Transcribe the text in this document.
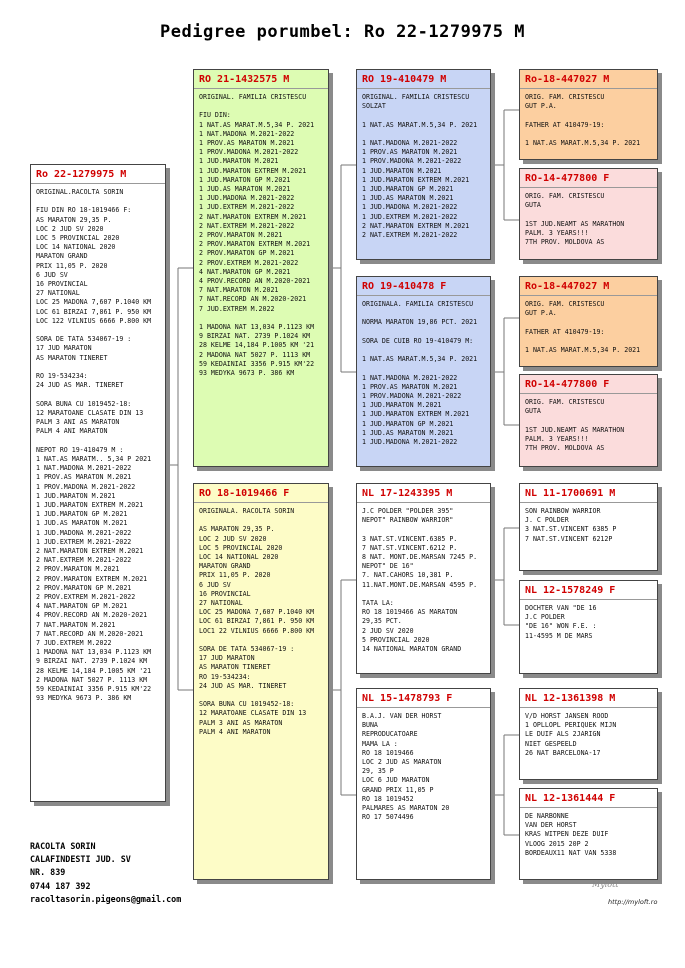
Pedigree porumbel: Ro 22-1279975 M
Ro 22-1279975 M
ORIGINAL.RACOLTA SORIN

FIU DIN RO 18-1019466 F:
AS MARATON 29,35 P.
LOC 2 JUD SV 2020
LOC 5 PROVINCIAL 2020
LOC 14 NATIONAL 2020
MARATON GRAND
PRIX 11,05 P. 2020
6 JUD SV
16 PROVINCIAL
27 NATIONAL
LOC 25 MADONA 7,607 P.1040 KM
LOC 61 BIRZAI 7,861 P. 950 KM
LOC 122 VILNIUS 6666 P.800 KM

SORA DE TATA 534067-19 :
17 JUD MARATON
AS MARATON TINERET

RO 19-534234:
24 JUD AS MAR. TINERET

SORA BUNA CU 1019452-18:
12 MARATOANE CLASATE DIN 13
PALM 3 ANI AS MARATON
PALM 4 ANI MARATON

NEPOT RO 19-410479 M :
1 NAT.AS MARATM.. 5,34 P 2021
1 NAT.MADONA M.2021-2022
1 PROV.AS MARATON M.2021
1 PROV.MADONA M.2021-2022
1 JUD.MARATON M.2021
1 JUD.MARATON EXTREM M.2021
1 JUD.MARATON GP M.2021
1 JUD.AS MARATON M.2021
1 JUD.MADONA M.2021-2022
1 JUD.EXTREM M.2021-2022
2 NAT.MARATON EXTREM M.2021
2 NAT.EXTREM M.2021-2022
2 PROV.MARATON M.2021
2 PROV.MARATON EXTREM M.2021
2 PROV.MARATON GP M.2021
2 PROV.EXTREM M.2021-2022
4 NAT.MARATON GP M.2021
4 PROV.RECORD AN M.2020-2021
7 NAT.MARATON M.2021
7 NAT.RECORD AN M.2020-2021
7 JUD.EXTREM M.2022
1 MADONA NAT 13,034 P.1123 KM
9 BIRZAI NAT. 2739 P.1024 KM
28 KELME 14,184 P.1005 KM '21
2 MADONA NAT 5027 P. 1113 KM
59 KEDAINIAI 3356 P.915 KM'22
93 MEDYKA 9673 P. 386 KM
RO 21-1432575 M
ORIGINAL. FAMILIA CRISTESCU

FIU DIN:
1 NAT.AS MARAT.M.5,34 P. 2021
1 NAT.MADONA M.2021-2022
1 PROV.AS MARATON M.2021
1 PROV.MADONA M.2021-2022
1 JUD.MARATON M.2021
1 JUD.MARATON EXTREM M.2021
1 JUD.MARATON GP M.2021
1 JUD.AS MARATON M.2021
1 JUD.MADONA M.2021-2022
1 JUD.EXTREM M.2021-2022
2 NAT.MARATON EXTREM M.2021
2 NAT.EXTREM M.2021-2022
2 PROV.MARATON M.2021
2 PROV.MARATON EXTREM M.2021
2 PROV.MARATON GP M.2021
2 PROV.EXTREM M.2021-2022
4 NAT.MARATON GP M.2021
4 PROV.RECORD AN M.2020-2021
7 NAT.MARATON M.2021
7 NAT.RECORD AN M.2020-2021
7 JUD.EXTREM M.2022

1 MADONA NAT 13,034 P.1123 KM
9 BIRZAI NAT. 2739 P.1024 KM
28 KELME 14,184 P.1005 KM '21
2 MADONA NAT 5027 P. 1113 KM
59 KEDAINIAI 3356 P.915 KM'22
93 MEDYKA 9673 P. 386 KM
RO 18-1019466 F
ORIGINALA. RACOLTA SORIN

AS MARATON 29,35 P.
LOC 2 JUD SV 2020
LOC 5 PROVINCIAL 2020
LOC 14 NATIONAL 2020
MARATON GRAND
PRIX 11,05 P. 2020
6 JUD SV
16 PROVINCIAL
27 NATIONAL
LOC 25 MADONA 7,607 P.1040 KM
LOC 61 BIRZAI 7,861 P. 950 KM
LOC1 22 VILNIUS 6666 P.800 KM

SORA DE TATA 534067-19 :
17 JUD MARATON
AS MARATON TINERET
RO 19-534234:
24 JUD AS MAR. TINERET

SORA BUNA CU 1019452-18:
12 MARATOANE CLASATE DIN 13
PALM 3 ANI AS MARATON
PALM 4 ANI MARATON
RO 19-410479 M
ORIGINAL. FAMILIA CRISTESCU
SOLZAT

1 NAT.AS MARAT.M.5,34 P. 2021

1 NAT.MADONA M.2021-2022
1 PROV.AS MARATON M.2021
1 PROV.MADONA M.2021-2022
1 JUD.MARATON M.2021
1 JUD.MARATON EXTREM M.2021
1 JUD.MARATON GP M.2021
1 JUD.AS MARATON M.2021
1 JUD.MADONA M.2021-2022
1 JUD.EXTREM M.2021-2022
2 NAT.MARATON EXTREM M.2021
2 NAT.EXTREM M.2021-2022
RO 19-410478 F
ORIGINALA. FAMILIA CRISTESCU

NORMA MARATON 19,86 PCT. 2021

SORA DE CUIB RO 19-410479 M:

1 NAT.AS MARAT.M.5,34 P. 2021

1 NAT.MADONA M.2021-2022
1 PROV.AS MARATON M.2021
1 PROV.MADONA M.2021-2022
1 JUD.MARATON M.2021
1 JUD.MARATON EXTREM M.2021
1 JUD.MARATON GP M.2021
1 JUD.AS MARATON M.2021
1 JUD.MADONA M.2021-2022
NL 17-1243395 M
J.C POLDER "POLDER 395"
NEPOT" RAINBOW WARRIOR"

3 NAT.ST.VINCENT.6385 P.
7 NAT.ST.VINCENT.6212 P.
8 NAT. MONT.DE.MARSAN 7245 P.
NEPOT" DE 16"
7. NAT.CAHORS 10,381 P.
11.NAT.MONT.DE.MARSAN 4595 P.

TATA LA:
RO 18 1019466 AS MARATON
29,35 PCT.
2 JUD SV 2020
5 PROVINCIAL 2020
14 NATIONAL MARATON GRAND
NL 15-1478793 F
B.A.J. VAN DER HORST
BUNA
REPRODUCATOARE
MAMA LA :
RO 18 1019466
LOC 2 JUD AS MARATON
29, 35 P
LOC 6 JUD MARATON
GRAND PRIX 11,05 P
RO 18 1019452
PALMARES AS MARATON 20
RO 17 5074496
Ro-18-447027 M
ORIG. FAM. CRISTESCU
GUT P.A.

FATHER AT 410479-19:

1 NAT.AS MARAT.M.5,34 P. 2021
RO-14-477800 F
ORIG. FAM. CRISTESCU
GUTA

1ST JUD.NEAMT AS MARATHON
PALM. 3 YEARS!!!
7TH PROV. MOLDOVA AS
Ro-18-447027 M
ORIG. FAM. CRISTESCU
GUT P.A.

FATHER AT 410479-19:

1 NAT.AS MARAT.M.5,34 P. 2021
RO-14-477800 F
ORIG. FAM. CRISTESCU
GUTA

1ST JUD.NEAMT AS MARATHON
PALM. 3 YEARS!!!
7TH PROV. MOLDOVA AS
NL 11-1700691 M
SON RAINBOW WARRIOR
J. C POLDER
3 NAT.ST.VINCENT 6385 P
7 NAT.ST.VINCENT 6212P
NL 12-1578249 F
DOCHTER VAN "DE 16
J.C POLDER
"DE 16" WON F.E. :
11-4595 M DE MARS
NL 12-1361398 M
V/D HORST JANSEN ROOD
1 OPLLOPL PERIQUEK MIJN
LE DUIF ALS 2JARIGN
NIET GESPEELD
26 NAT BARCELONA-17
NL 12-1361444 F
DE NARBONNE
VAN DER HORST
KRAS WITPEN DEZE DUIF
VLOOG 2015 20P 2
BORDEAUX11 NAT VAN 5338
RACOLTA SORIN
CALAFINDESTI JUD. SV
NR. 839
0744 187 392
racoltasorin.pigeons@gmail.com
Mylott
http://myloft.ro
